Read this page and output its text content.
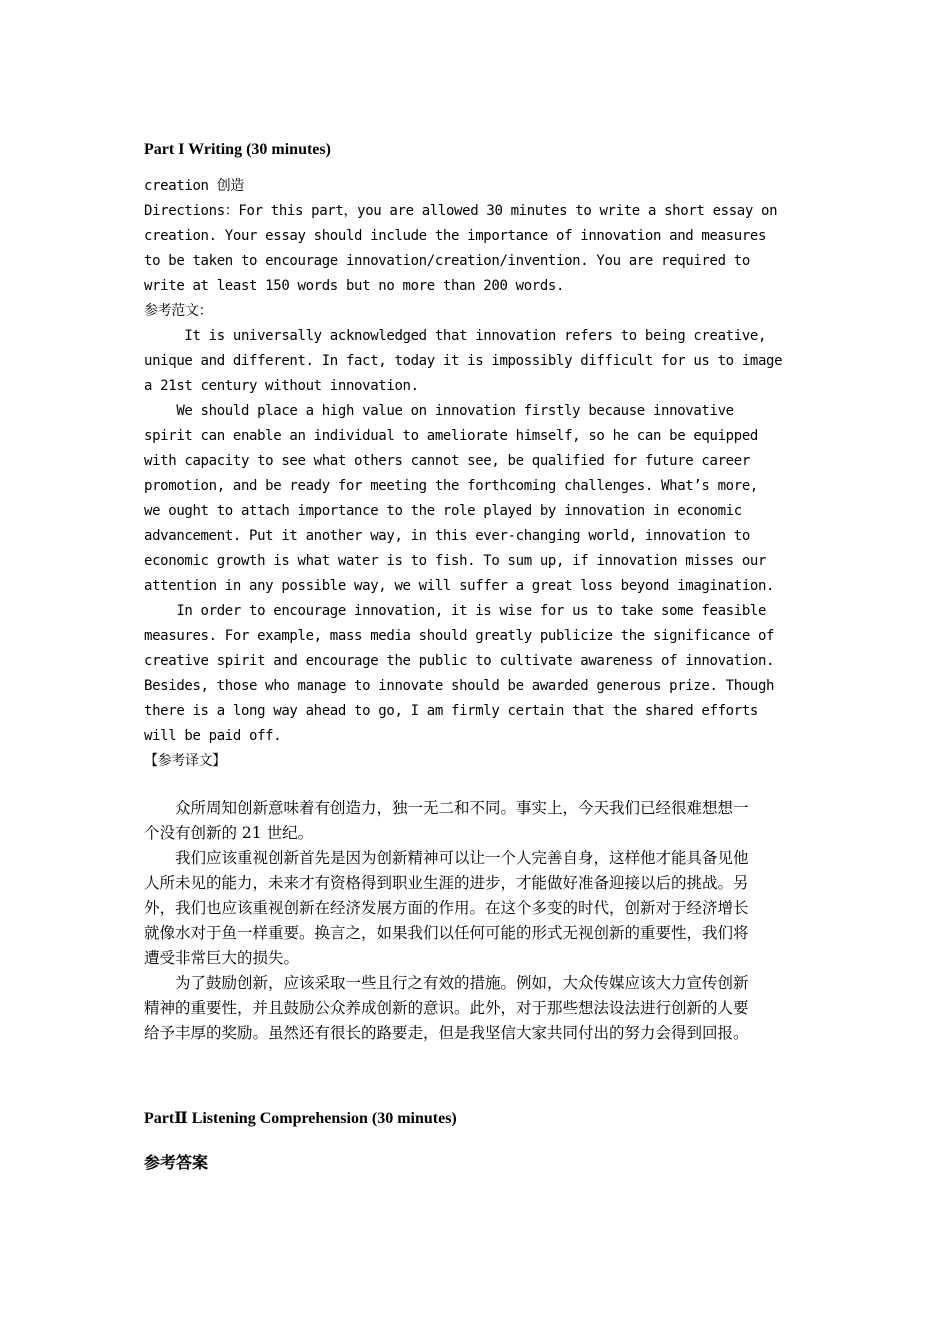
Part I Writing (30 minutes)
creation 创造
Directions：For this part，you are allowed 30 minutes to write a short essay on
creation. Your essay should include the importance of innovation and measures
to be taken to encourage innovation/creation/invention. You are required to
write at least 150 words but no more than 200 words.
参考范文：
It is universally acknowledged that innovation refers to being creative,
unique and different. In fact, today it is impossibly difficult for us to image
a 21st century without innovation.
We should place a high value on innovation firstly because innovative
spirit can enable an individual to ameliorate himself, so he can be equipped
with capacity to see what others cannot see, be qualified for future career
promotion, and be ready for meeting the forthcoming challenges. What’s more,
we ought to attach importance to the role played by innovation in economic
advancement. Put it another way, in this ever-changing world, innovation to
economic growth is what water is to fish. To sum up, if innovation misses our
attention in any possible way, we will suffer a great loss beyond imagination.
In order to encourage innovation, it is wise for us to take some feasible
measures. For example, mass media should greatly publicize the significance of
creative spirit and encourage the public to cultivate awareness of innovation.
Besides, those who manage to innovate should be awarded generous prize. Though
there is a long way ahead to go, I am firmly certain that the shared efforts
will be paid off.
【参考译文】
　　众所周知创新意味着有创造力，独一无二和不同。事实上，今天我们已经很难想想一
个没有创新的 21 世纪。
　　我们应该重视创新首先是因为创新精神可以让一个人完善自身，这样他才能具备见他
人所未见的能力，未来才有资格得到职业生涯的进步，才能做好准备迎接以后的挑战。另
外，我们也应该重视创新在经济发展方面的作用。在这个多变的时代，创新对于经济增长
就像水对于鱼一样重要。换言之，如果我们以任何可能的形式无视创新的重要性，我们将
遭受非常巨大的损失。
　　为了鼓励创新，应该采取一些且行之有效的措施。例如，大众传媒应该大力宣传创新
精神的重要性，并且鼓励公众养成创新的意识。此外，对于那些想法设法进行创新的人要
给予丰厚的奖励。虽然还有很长的路要走，但是我坚信大家共同付出的努力会得到回报。
PartⅡ Listening Comprehension (30 minutes)
参考答案
